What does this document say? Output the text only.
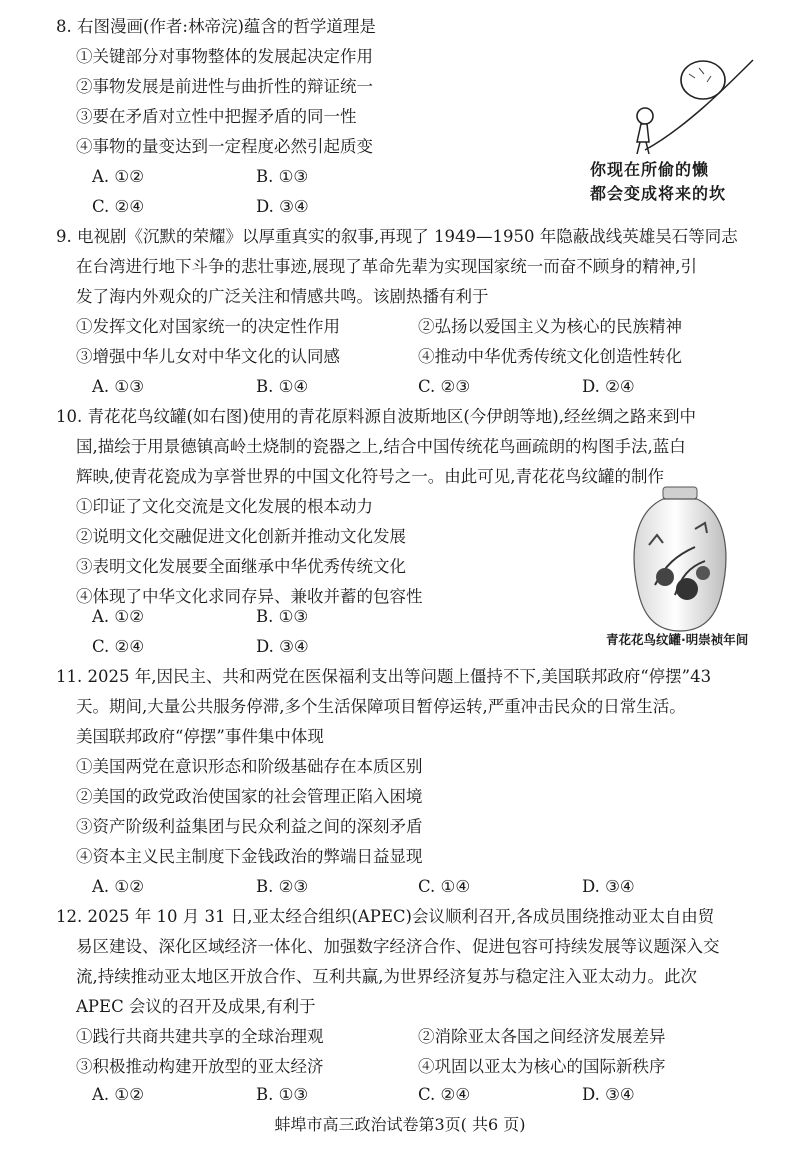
8. 右图漫画(作者:林帝浣)蕴含的哲学道理是
①关键部分对事物整体的发展起决定作用
②事物发展是前进性与曲折性的辩证统一
③要在矛盾对立性中把握矛盾的同一性
④事物的量变达到一定程度必然引起质变
A. ①②	B. ①③
C. ②④	D. ③④
你现在所偷的懒
都会变成将来的坎
9. 电视剧《沉默的荣耀》以厚重真实的叙事,再现了 1949—1950 年隐蔽战线英雄吴石等同志
在台湾进行地下斗争的悲壮事迹,展现了革命先辈为实现国家统一而奋不顾身的精神,引
发了海内外观众的广泛关注和情感共鸣。该剧热播有利于
①发挥文化对国家统一的决定性作用	②弘扬以爱国主义为核心的民族精神
③增强中华儿女对中华文化的认同感	④推动中华优秀传统文化创造性转化
A. ①③	B. ①④	C. ②③	D. ②④
10. 青花花鸟纹罐(如右图)使用的青花原料源自波斯地区(今伊朗等地),经丝绸之路来到中
国,描绘于用景德镇高岭土烧制的瓷器之上,结合中国传统花鸟画疏朗的构图手法,蓝白
辉映,使青花瓷成为享誉世界的中国文化符号之一。由此可见,青花花鸟纹罐的制作
①印证了文化交流是文化发展的根本动力
②说明文化交融促进文化创新并推动文化发展
③表明文化发展要全面继承中华优秀传统文化
④体现了中华文化求同存异、兼收并蓄的包容性
A. ①②	B. ①③
C. ②④	D. ③④	青花花鸟纹罐·明崇祯年间
11. 2025 年,因民主、共和两党在医保福利支出等问题上僵持不下,美国联邦政府“停摆”43
天。期间,大量公共服务停滞,多个生活保障项目暂停运转,严重冲击民众的日常生活。
美国联邦政府“停摆”事件集中体现
①美国两党在意识形态和阶级基础存在本质区别
②美国的政党政治使国家的社会管理正陷入困境
③资产阶级利益集团与民众利益之间的深刻矛盾
④资本主义民主制度下金钱政治的弊端日益显现
A. ①②	B. ②③	C. ①④	D. ③④
12. 2025 年 10 月 31 日,亚太经合组织(APEC)会议顺利召开,各成员围绕推动亚太自由贸
易区建设、深化区域经济一体化、加强数字经济合作、促进包容可持续发展等议题深入交
流,持续推动亚太地区开放合作、互利共赢,为世界经济复苏与稳定注入亚太动力。此次
APEC 会议的召开及成果,有利于
①践行共商共建共享的全球治理观	②消除亚太各国之间经济发展差异
③积极推动构建开放型的亚太经济	④巩固以亚太为核心的国际新秩序
A. ①②	B. ①③	C. ②④	D. ③④
蚌埠市高三政治试卷第3页( 共6 页)
